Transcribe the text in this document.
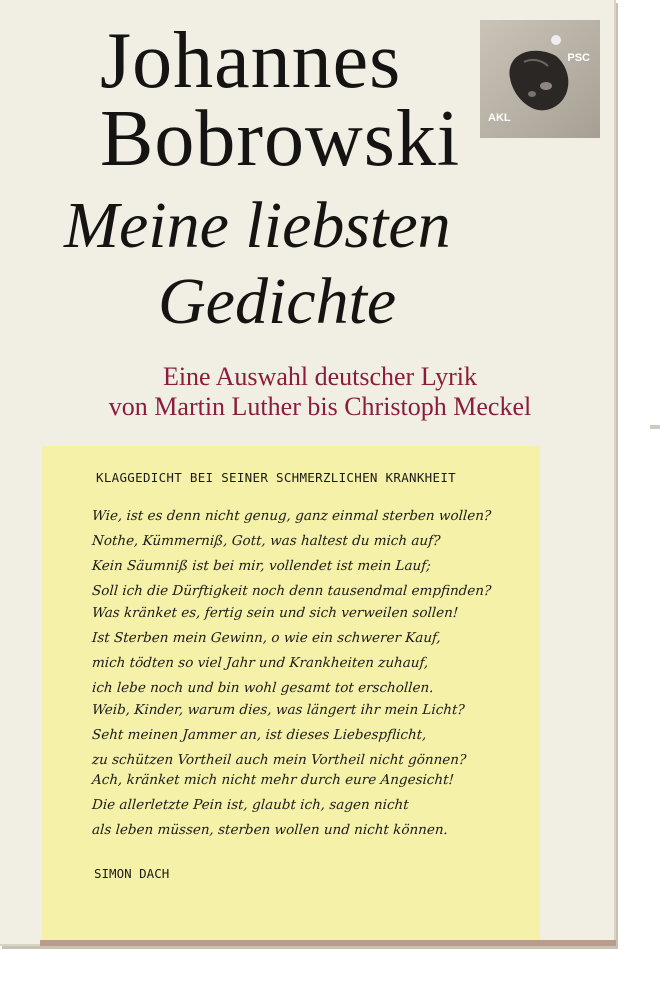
Johannes
Bobrowski
PSC
AKL
Meine liebsten
Gedichte
Eine Auswahl deutscher Lyrik
von Martin Luther bis Christoph Meckel
KLAGGEDICHT BEI SEINER SCHMERZLICHEN KRANKHEIT
Wie, ist es denn nicht genug, ganz einmal sterben wollen?
Nothe, Kümmerniß, Gott, was haltest du mich auf?
Kein Säumniß ist bei mir, vollendet ist mein Lauf;
Soll ich die Dürftigkeit noch denn tausendmal empfinden?
Was kränket es, fertig sein und sich verweilen sollen!
Ist Sterben mein Gewinn, o wie ein schwerer Kauf,
mich tödten so viel Jahr und Krankheiten zuhauf,
ich lebe noch und bin wohl gesamt tot erschollen.
Weib, Kinder, warum dies, was längert ihr mein Licht?
Seht meinen Jammer an, ist dieses Liebespflicht,
zu schützen Vortheil auch mein Vortheil nicht gönnen?
Ach, kränket mich nicht mehr durch eure Angesicht!
Die allerletzte Pein ist, glaubt ich, sagen nicht
als leben müssen, sterben wollen und nicht können.
SIMON DACH
